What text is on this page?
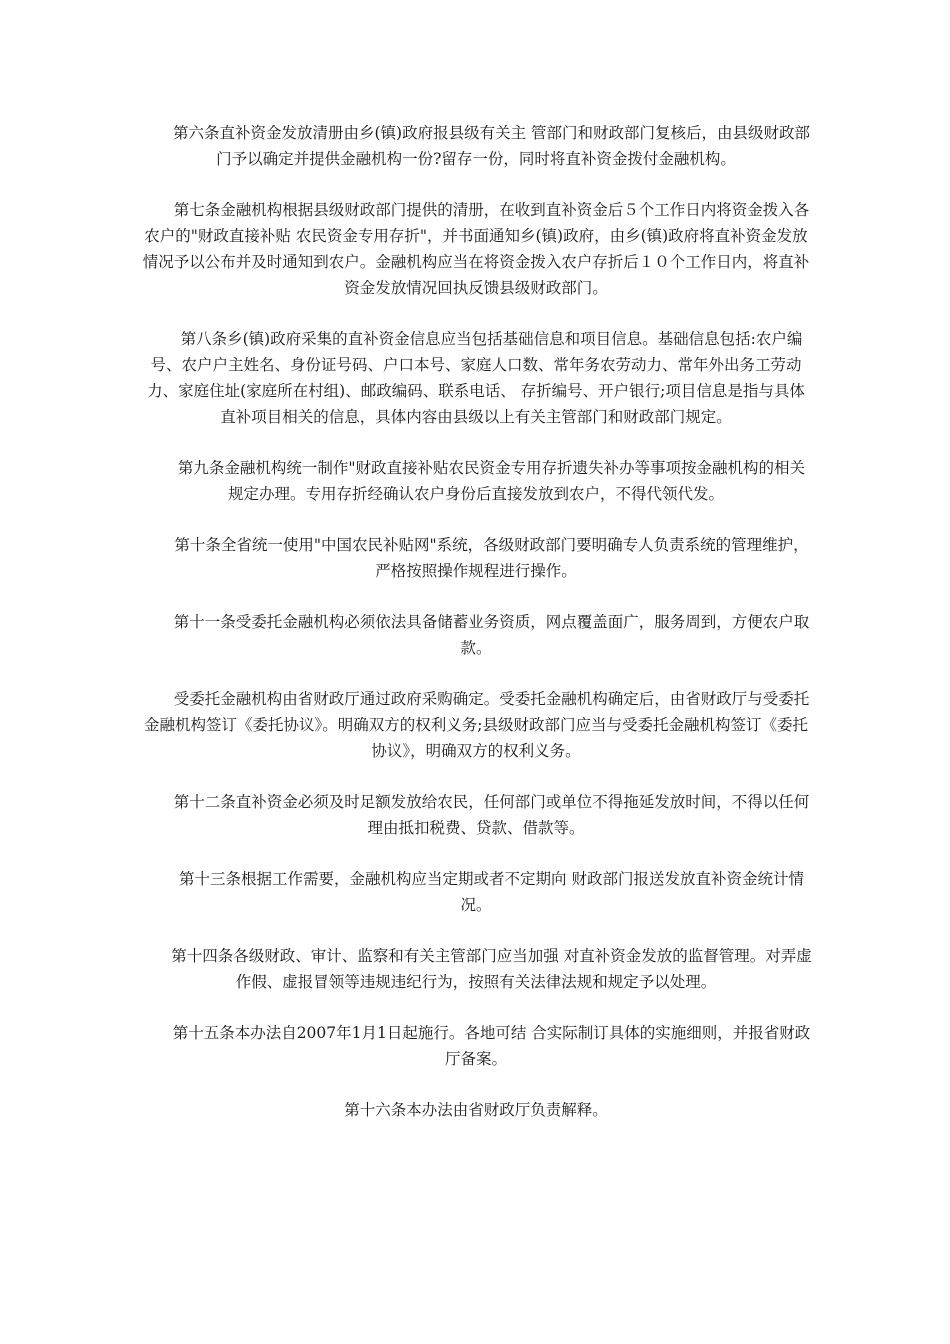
第六条直补资金发放清册由乡(镇)政府报县级有关主 管部门和财政部门复核后，由县级财政部门予以确定并提供金融机构一份?留存一份，同时将直补资金拨付金融机构。

第七条金融机构根据县级财政部门提供的清册，在收到直补资金后５个工作日内将资金拨入各农户的"财政直接补贴 农民资金专用存折"，并书面通知乡(镇)政府，由乡(镇)政府将直补资金发放情况予以公布并及时通知到农户。金融机构应当在将资金拨入农户存折后１０个工作日内，将直补资金发放情况回执反馈县级财政部门。

第八条乡(镇)政府采集的直补资金信息应当包括基础信息和项目信息。基础信息包括:农户编号、农户户主姓名、身份证号码、户口本号、家庭人口数、常年务农劳动力、常年外出务工劳动力、家庭住址(家庭所在村组)、邮政编码、联系电话、 存折编号、开户银行;项目信息是指与具体直补项目相关的信息，具体内容由县级以上有关主管部门和财政部门规定。

第九条金融机构统一制作"财政直接补贴农民资金专用存折遗失补办等事项按金融机构的相关规定办理。专用存折经确认农户身份后直接发放到农户，不得代领代发。

第十条全省统一使用"中国农民补贴网"系统，各级财政部门要明确专人负责系统的管理维护，严格按照操作规程进行操作。

第十一条受委托金融机构必须依法具备储蓄业务资质，网点覆盖面广，服务周到，方便农户取款。

受委托金融机构由省财政厅通过政府采购确定。受委托金融机构确定后，由省财政厅与受委托金融机构签订《委托协议》。明确双方的权利义务;县级财政部门应当与受委托金融机构签订《委托协议》，明确双方的权利义务。

第十二条直补资金必须及时足额发放给农民，任何部门或单位不得拖延发放时间，不得以任何理由抵扣税费、贷款、借款等。

第十三条根据工作需要，金融机构应当定期或者不定期向 财政部门报送发放直补资金统计情况。

第十四条各级财政、审计、监察和有关主管部门应当加强 对直补资金发放的监督管理。对弄虚作假、虚报冒领等违规违纪行为，按照有关法律法规和规定予以处理。

第十五条本办法自2007年1月1日起施行。各地可结 合实际制订具体的实施细则，并报省财政厅备案。

第十六条本办法由省财政厅负责解释。
